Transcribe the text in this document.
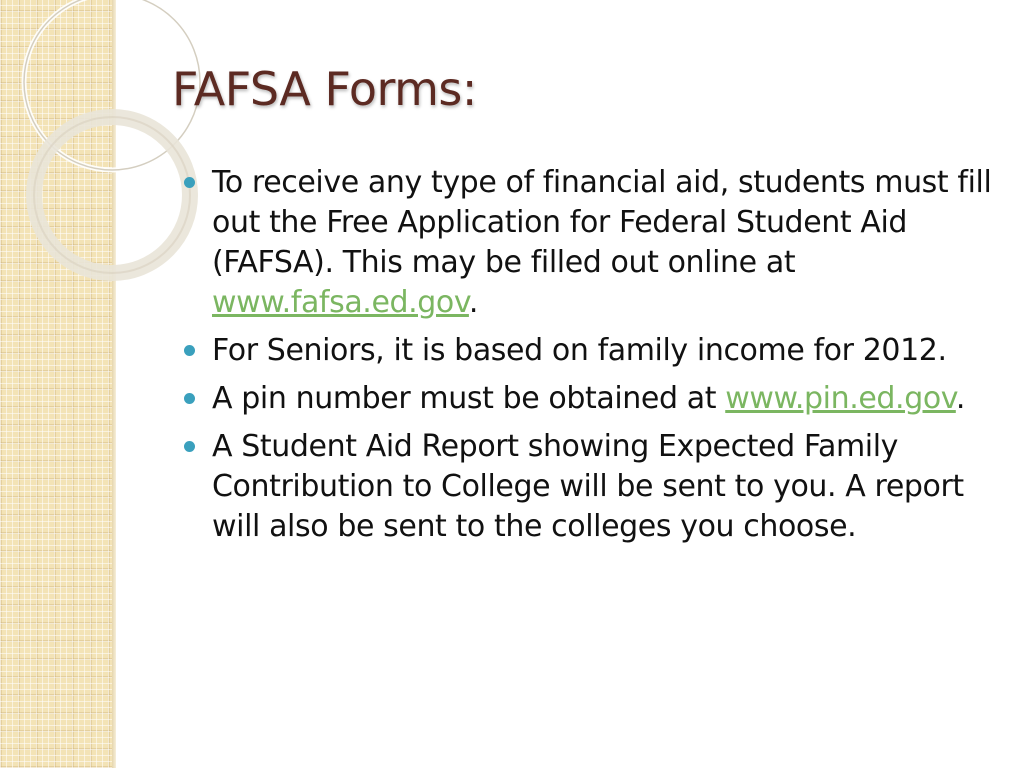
FAFSA Forms:
To receive any type of financial aid, students must fill out the Free Application for Federal Student Aid (FAFSA). This may be filled out online at www.fafsa.ed.gov.
For Seniors, it is based on family income for 2012.
A pin number must be obtained at www.pin.ed.gov.
A Student Aid Report showing Expected Family Contribution to College will be sent to you. A report will also be sent to the colleges you choose.
